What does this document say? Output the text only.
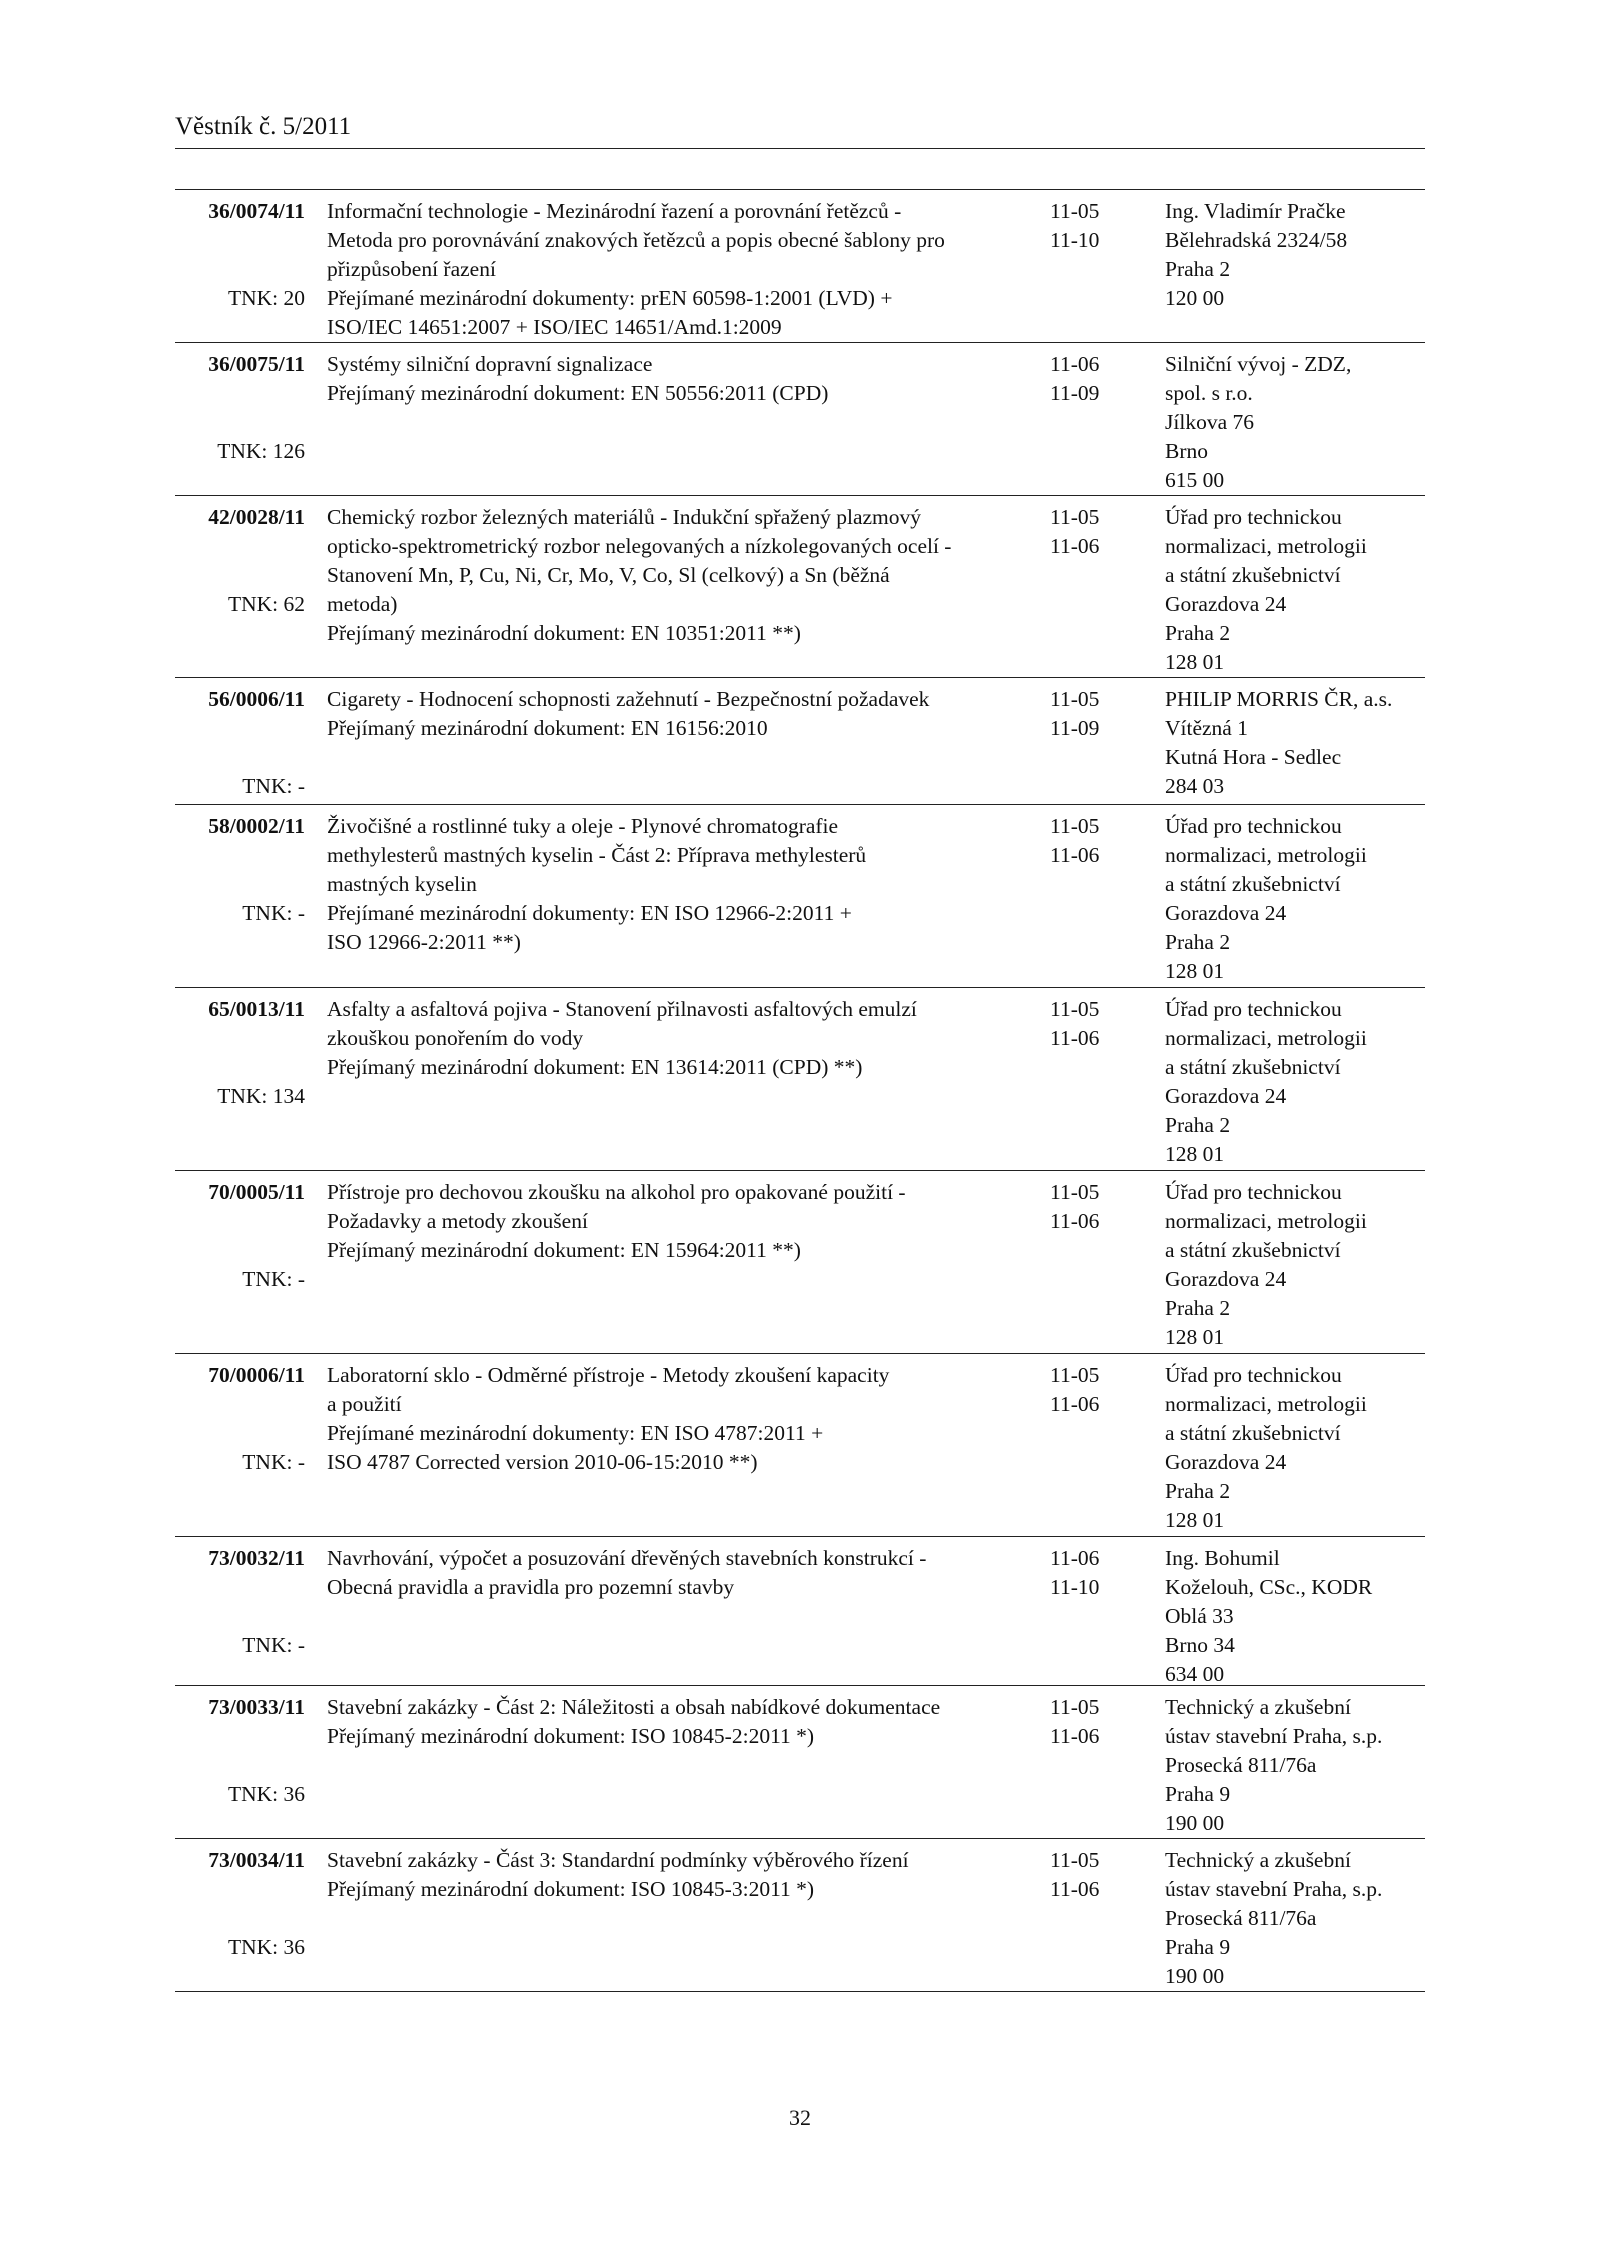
Věstník č. 5/2011
36/0074/11
TNK: 20
Informační technologie - Mezinárodní řazení a porovnání řetězců -
Metoda pro porovnávání znakových řetězců a popis obecné šablony pro
přizpůsobení řazení
Přejímané mezinárodní dokumenty: prEN 60598-1:2001 (LVD) +
ISO/IEC 14651:2007 + ISO/IEC 14651/Amd.1:2009
11-05
11-10
Ing. Vladimír Pračke
Bělehradská 2324/58
Praha 2
120 00
36/0075/11
TNK: 126
Systémy silniční dopravní signalizace
Přejímaný mezinárodní dokument: EN 50556:2011 (CPD)
11-06
11-09
Silniční vývoj - ZDZ,
spol. s r.o.
Jílkova 76
Brno
615 00
42/0028/11
TNK: 62
Chemický rozbor železných materiálů - Indukční spřažený plazmový
opticko-spektrometrický rozbor nelegovaných a nízkolegovaných ocelí -
Stanovení Mn, P, Cu, Ni, Cr, Mo, V, Co, Sl (celkový) a Sn (běžná
metoda)
Přejímaný mezinárodní dokument: EN 10351:2011 **)
11-05
11-06
Úřad pro technickou
normalizaci, metrologii
a státní zkušebnictví
Gorazdova 24
Praha 2
128 01
56/0006/11
TNK: -
Cigarety - Hodnocení schopnosti zažehnutí - Bezpečnostní požadavek
Přejímaný mezinárodní dokument: EN 16156:2010
11-05
11-09
PHILIP MORRIS ČR, a.s.
Vítězná 1
Kutná Hora - Sedlec
284 03
58/0002/11
TNK: -
Živočišné a rostlinné tuky a oleje - Plynové chromatografie
methylesterů mastných kyselin - Část 2: Příprava methylesterů
mastných kyselin
Přejímané mezinárodní dokumenty: EN ISO 12966-2:2011 +
ISO 12966-2:2011 **)
11-05
11-06
Úřad pro technickou
normalizaci, metrologii
a státní zkušebnictví
Gorazdova 24
Praha 2
128 01
65/0013/11
TNK: 134
Asfalty a asfaltová pojiva - Stanovení přilnavosti asfaltových emulzí
zkouškou ponořením do vody
Přejímaný mezinárodní dokument: EN 13614:2011 (CPD) **)
11-05
11-06
Úřad pro technickou
normalizaci, metrologii
a státní zkušebnictví
Gorazdova 24
Praha 2
128 01
70/0005/11
TNK: -
Přístroje pro dechovou zkoušku na alkohol pro opakované použití -
Požadavky a metody zkoušení
Přejímaný mezinárodní dokument: EN 15964:2011 **)
11-05
11-06
Úřad pro technickou
normalizaci, metrologii
a státní zkušebnictví
Gorazdova 24
Praha 2
128 01
70/0006/11
TNK: -
Laboratorní sklo - Odměrné přístroje - Metody zkoušení kapacity
a použití
Přejímané mezinárodní dokumenty: EN ISO 4787:2011 +
ISO 4787 Corrected version 2010-06-15:2010 **)
11-05
11-06
Úřad pro technickou
normalizaci, metrologii
a státní zkušebnictví
Gorazdova 24
Praha 2
128 01
73/0032/11
TNK: -
Navrhování, výpočet a posuzování dřevěných stavebních konstrukcí -
Obecná pravidla a pravidla pro pozemní stavby
11-06
11-10
Ing. Bohumil
Koželouh, CSc., KODR
Oblá 33
Brno 34
634 00
73/0033/11
TNK: 36
Stavební zakázky - Část 2: Náležitosti a obsah nabídkové dokumentace
Přejímaný mezinárodní dokument: ISO 10845-2:2011 *)
11-05
11-06
Technický a zkušební
ústav stavební Praha, s.p.
Prosecká 811/76a
Praha 9
190 00
73/0034/11
TNK: 36
Stavební zakázky - Část 3: Standardní podmínky výběrového řízení
Přejímaný mezinárodní dokument: ISO 10845-3:2011 *)
11-05
11-06
Technický a zkušební
ústav stavební Praha, s.p.
Prosecká 811/76a
Praha 9
190 00
32
